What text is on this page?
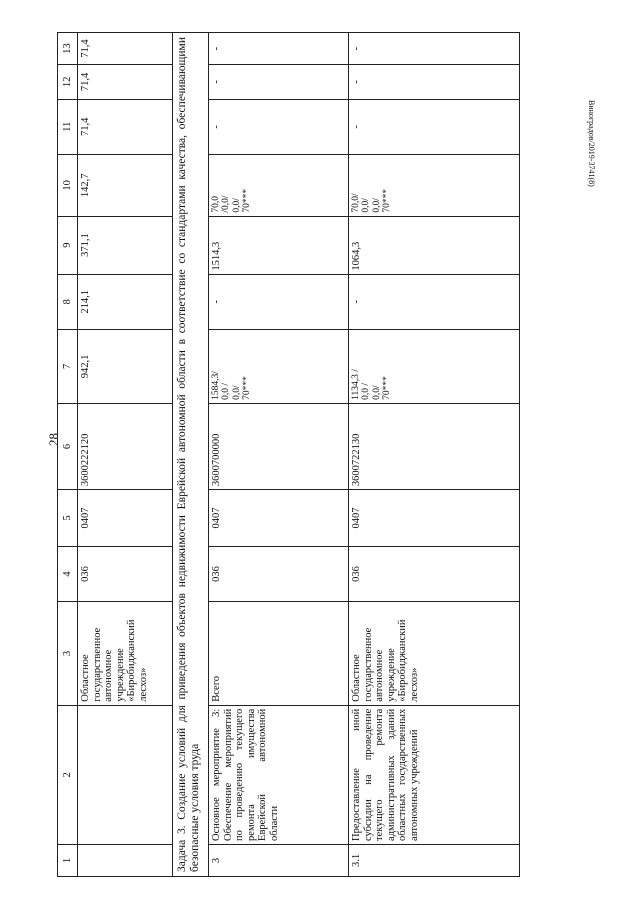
28
Виноградов/2019-3741(8)
1	2	3	4	5	6	7	8	9	10	11	12	13
		Областное государственное автономное учреждение «Биробиджанский лесхоз»	036	0407	3600222120	942,1	214,1	371,1	142,7	71,4	71,4	71,4
Задача 3. Создание условий для приведения объектов недвижимости Еврейской автономной области в соответствие со стандартами качества, обеспечивающими безопасные условия труда												
3	Основное мероприятие 3: Обеспечение мероприятий по проведению текущего ремонта имущества Еврейской автономной области	Всего	036	0407	3600700000	1584,3/
0,0 /
0,0/
70***	-	1514,3	70,0
/0,0/
0,0/
70***	-	-	-
3.1	Предоставление иной субсидии на проведение текущего ремонта административных зданий областных государственных автономных учреждений	Областное государственное автономное учреждение «Биробиджанский лесхоз»	036	0407	3600722130	1134,3 /
0,0 /
0,0/
70***	-	1064,3	70,0/
0,0/
0,0/
70***	-	-	-
